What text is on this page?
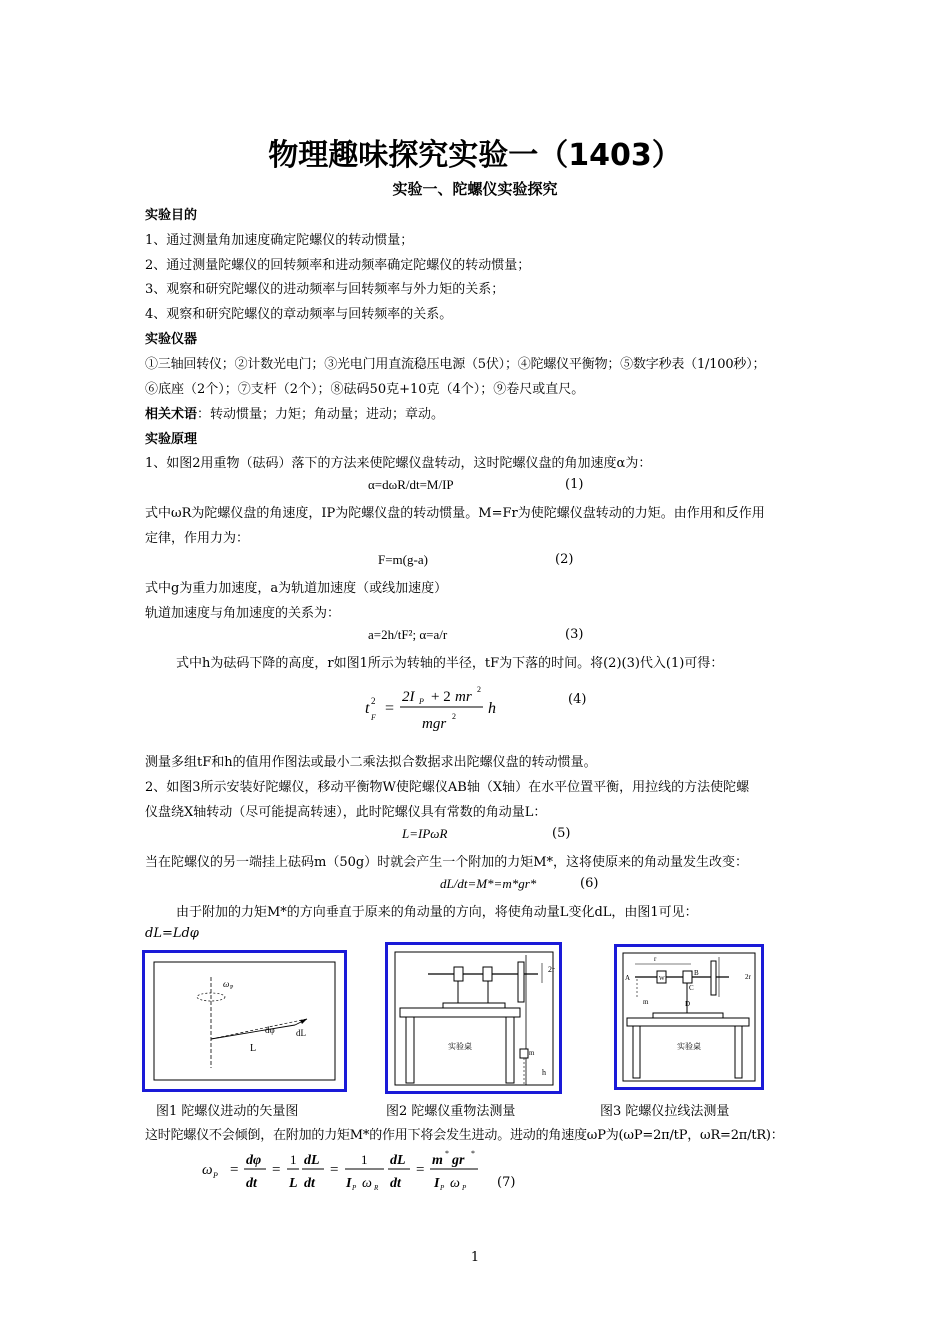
物理趣味探究实验一（1403）
实验一、陀螺仪实验探究
实验目的
1、通过测量角加速度确定陀螺仪的转动惯量；
2、通过测量陀螺仪的回转频率和进动频率确定陀螺仪的转动惯量；
3、观察和研究陀螺仪的进动频率与回转频率与外力矩的关系；
4、观察和研究陀螺仪的章动频率与回转频率的关系。
实验仪器
①三轴回转仪；②计数光电门；③光电门用直流稳压电源（5伏）；④陀螺仪平衡物；⑤数字秒表（1/100秒）；
⑥底座（2个）；⑦支杆（2个）；⑧砝码50克+10克（4个）；⑨卷尺或直尺。
相关术语：转动惯量；力矩；角动量；进动；章动。
实验原理
1、如图2用重物（砝码）落下的方法来使陀螺仪盘转动，这时陀螺仪盘的角加速度α为：
α=dωR/dt=M/IP	(1)
式中ωR为陀螺仪盘的角速度，IP为陀螺仪盘的转动惯量。M=Fr为使陀螺仪盘转动的力矩。由作用和反作用
定律，作用力为：
F=m(g-a)	(2)
式中g为重力加速度，a为轨道加速度（或线加速度）
轨道加速度与角加速度的关系为：
a=2h/tF²; α=a/r	(3)
式中h为砝码下降的高度，r如图1所示为转轴的半径，tF为下落的时间。将(2)(3)代入(1)可得：
t 2
F
=
2I P + 2 mr 2
mgr 2 h
(4)
测量多组tF和h的值用作图法或最小二乘法拟合数据求出陀螺仪盘的转动惯量。
2、如图3所示安装好陀螺仪，移动平衡物W使陀螺仪AB轴（X轴）在水平位置平衡，用拉线的方法使陀螺
仪盘绕X轴转动（尽可能提高转速），此时陀螺仪具有常数的角动量L：
L=IPωR	(5)
当在陀螺仪的另一端挂上砝码m（50g）时就会产生一个附加的力矩M*，这将使原来的角动量发生改变：
dL/dt=M*=m*gr*	(6)
由于附加的力矩M*的方向垂直于原来的角动量的方向，将使角动量L变化dL，由图1可见：
dL=Ldφ
ω P
L
dφ dL
2r
实验桌
m
h
r
A	W
B
C
2r
m	D
实验桌
图1 陀螺仪进动的矢量图	图2 陀螺仪重物法测量	图3 陀螺仪拉线法测量
这时陀螺仪不会倾倒，在附加的力矩M*的作用下将会发生进动。进动的角速度ωP为(ωP=2π/tP，ωR=2π/tR)：
ω P =
dφ
dt
=
1
L
dL
dt
=
1
I P ω R
dL
dt
=
m * gr *
I P ω P (7)
1
